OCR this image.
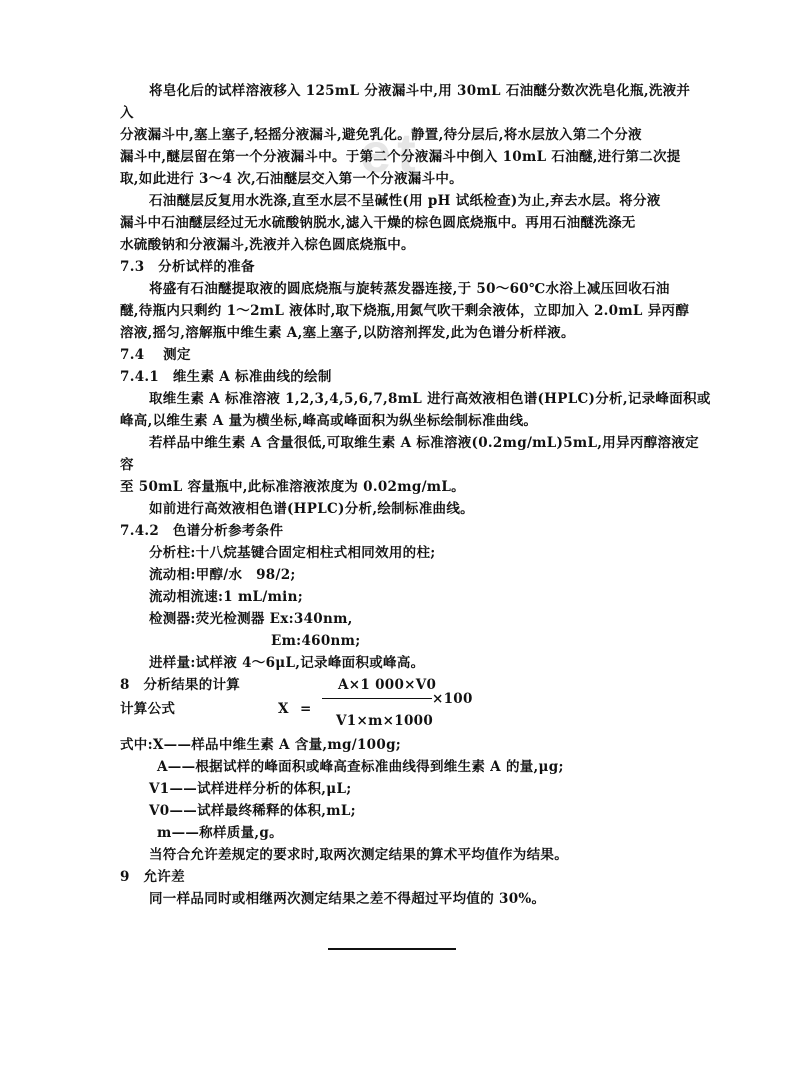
et
将皂化后的试样溶液移入 125mL 分液漏斗中,用 30mL 石油醚分数次洗皂化瓶,洗液并
入
分液漏斗中,塞上塞子,轻摇分液漏斗,避免乳化。静置,待分层后,将水层放入第二个分液
漏斗中,醚层留在第一个分液漏斗中。于第二个分液漏斗中倒入 10mL 石油醚,进行第二次提
取,如此进行 3～4 次,石油醚层交入第一个分液漏斗中。
石油醚层反复用水洗涤,直至水层不呈碱性(用 pH 试纸检查)为止,弃去水层。将分液
漏斗中石油醚层经过无水硫酸钠脱水,滤入干燥的棕色圆底烧瓶中。再用石油醚洗涤无
水硫酸钠和分液漏斗,洗液并入棕色圆底烧瓶中。
7.3　分析试样的准备
将盛有石油醚提取液的圆底烧瓶与旋转蒸发器连接,于 50～60℃水浴上减压回收石油
醚,待瓶内只剩约 1～2mL 液体时,取下烧瓶,用氮气吹干剩余液体，立即加入 2.0mL 异丙醇
溶液,摇匀,溶解瓶中维生素 A,塞上塞子,以防溶剂挥发,此为色谱分析样液。
7.4　 测定
7.4.1　维生素 A 标准曲线的绘制
取维生素 A 标准溶液 1,2,3,4,5,6,7,8mL 进行高效液相色谱(HPLC)分析,记录峰面积或
峰高,以维生素 A 量为横坐标,峰高或峰面积为纵坐标绘制标准曲线。
若样品中维生素 A 含量很低,可取维生素 A 标准溶液(0.2mg/mL)5mL,用异丙醇溶液定
容
至 50mL 容量瓶中,此标准溶液浓度为 0.02mg/mL。
如前进行高效液相色谱(HPLC)分析,绘制标准曲线。
7.4.2　色谱分析参考条件
分析柱:十八烷基键合固定相柱式相同效用的柱;
流动相:甲醇/水　98/2;
流动相流速:1 mL/min;
检测器:荧光检测器 Ex:340nm,
Em:460nm;
进样量:试样液 4～6μL,记录峰面积或峰高。
8　分析结果的计算
计算公式	X =
A×1 000×V0
×100
V1×m×1000
式中:X——样品中维生素 A 含量,mg/100g;
A——根据试样的峰面积或峰高查标准曲线得到维生素 A 的量,μg;
V1——试样进样分析的体积,μL;
V0——试样最终稀释的体积,mL;
m——称样质量,g。
当符合允许差规定的要求时,取两次测定结果的算术平均值作为结果。
9　允许差
同一样品同时或相继两次测定结果之差不得超过平均值的 30%。
